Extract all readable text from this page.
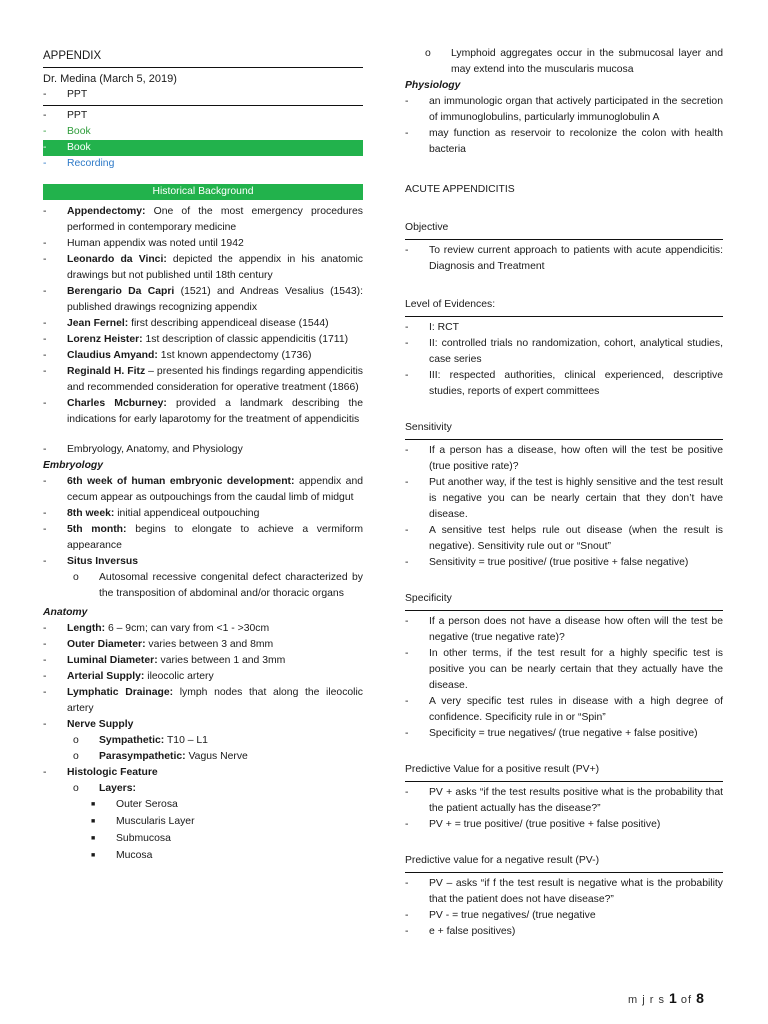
APPENDIX
Dr. Medina (March 5, 2019)
- PPT
- PPT
- Book
- Book
- Recording
Historical Background
- Appendectomy: One of the most emergency procedures performed in contemporary medicine
- Human appendix was noted until 1942
- Leonardo da Vinci: depicted the appendix in his anatomic drawings but not published until 18th century
- Berengario Da Capri (1521) and Andreas Vesalius (1543): published drawings recognizing appendix
- Jean Fernel: first describing appendiceal disease (1544)
- Lorenz Heister: 1st description of classic appendicitis (1711)
- Claudius Amyand: 1st known appendectomy (1736)
- Reginald H. Fitz – presented his findings regarding appendicitis and recommended consideration for operative treatment (1866)
- Charles Mcburney: provided a landmark describing the indications for early laparotomy for the treatment of appendicitis
- Embryology, Anatomy, and Physiology
Embryology
- 6th week of human embryonic development: appendix and cecum appear as outpouchings from the caudal limb of midgut
- 8th week: initial appendiceal outpouching
- 5th month: begins to elongate to achieve a vermiform appearance
- Situs Inversus
o Autosomal recessive congenital defect characterized by the transposition of abdominal and/or thoracic organs
Anatomy
- Length: 6 – 9cm; can vary from <1 - >30cm
- Outer Diameter: varies between 3 and 8mm
- Luminal Diameter: varies between 1 and 3mm
- Arterial Supply: ileocolic artery
- Lymphatic Drainage: lymph nodes that along the ileocolic artery
- Nerve Supply
o Sympathetic: T10 – L1
o Parasympathetic: Vagus Nerve
- Histologic Feature
o Layers:
■ Outer Serosa
■ Muscularis Layer
■ Submucosa
■ Mucosa
o Lymphoid aggregates occur in the submucosal layer and may extend into the muscularis mucosa
Physiology
- an immunologic organ that actively participated in the secretion of immunoglobulins, particularly immunoglobulin A
- may function as reservoir to recolonize the colon with health bacteria
ACUTE APPENDICITIS
Objective
- To review current approach to patients with acute appendicitis: Diagnosis and Treatment
Level of Evidences:
- I: RCT
- II: controlled trials no randomization, cohort, analytical studies, case series
- III: respected authorities, clinical experienced, descriptive studies, reports of expert committees
Sensitivity
- If a person has a disease, how often will the test be positive (true positive rate)?
- Put another way, if the test is highly sensitive and the test result is negative you can be nearly certain that they don’t have disease.
- A sensitive test helps rule out disease (when the result is negative). Sensitivity rule out or “Snout”
- Sensitivity = true positive/ (true positive + false negative)
Specificity
- If a person does not have a disease how often will the test be negative (true negative rate)?
- In other terms, if the test result for a highly specific test is positive you can be nearly certain that they actually have the disease.
- A very specific test rules in disease with a high degree of confidence. Specificity rule in or “Spin”
- Specificity = true negatives/ (true negative + false positive)
Predictive Value for a positive result (PV+)
- PV + asks “if the test results positive what is the probability that the patient actually has the disease?”
- PV + = true positive/ (true positive + false positive)
Predictive value for a negative result (PV-)
- PV – asks “if f the test result is negative what is the probability that the patient does not have disease?”
- PV - = true negatives/ (true negative
- e + false positives)
m j r s 1 of 8
